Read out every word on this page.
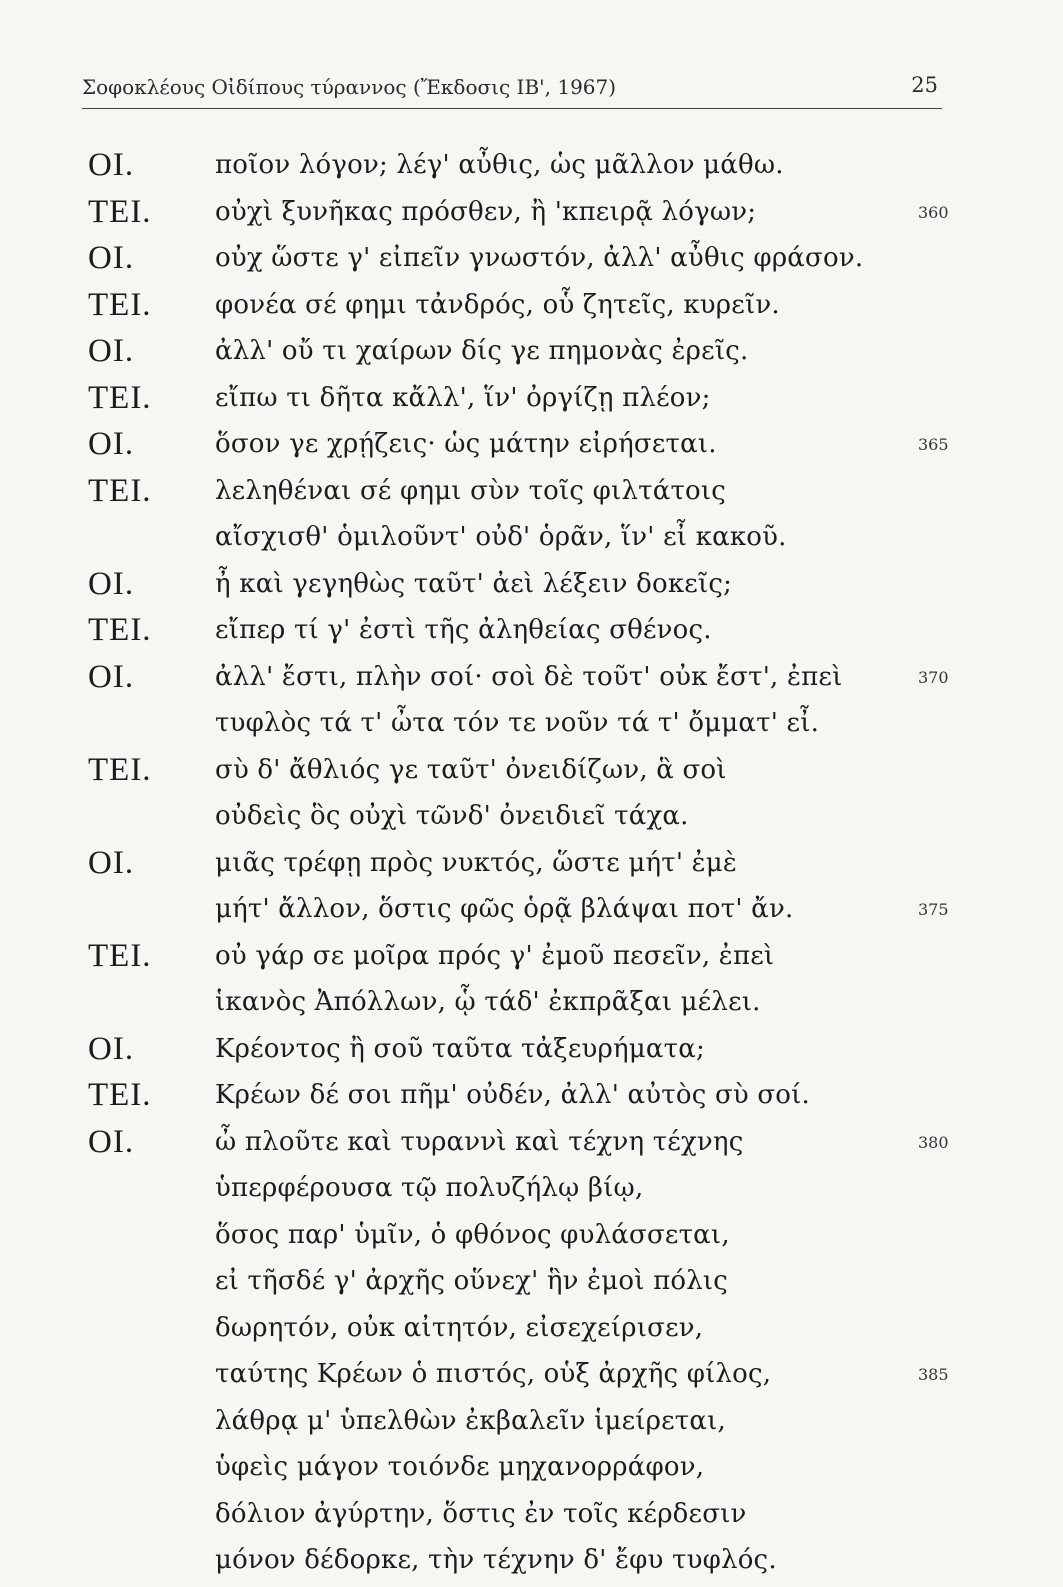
Σοφοκλέους Οἰδίπους τύραννος (Ἔκδοσις ΙΒ', 1967)	25
ΟΙ.	ποῖον λόγον; λέγ' αὖθις, ὡς μᾶλλον μάθω.
ΤΕΙ. οὐχὶ ξυνῆκας πρόσθεν, ἢ 'κπειρᾷ λόγων;	360
ΟΙ.	οὐχ ὥστε γ' εἰπεῖν γνωστόν, ἀλλ' αὖθις φράσον.
ΤΕΙ. φονέα σέ φημι τἀνδρός, οὗ ζητεῖς, κυρεῖν.
ΟΙ.	ἀλλ' οὔ τι χαίρων δίς γε πημονὰς ἐρεῖς.
ΤΕΙ. εἴπω τι δῆτα κἄλλ', ἵν' ὀργίζῃ πλέον;
ΟΙ.	ὅσον γε χρῄζεις· ὡς μάτην εἰρήσεται.	365
ΤΕΙ. λεληθέναι σέ φημι σὺν τοῖς φιλτάτοις
αἴσχισθ' ὁμιλοῦντ' οὐδ' ὁρᾶν, ἵν' εἶ κακοῦ.
ΟΙ.	ἦ καὶ γεγηθὼς ταῦτ' ἀεὶ λέξειν δοκεῖς;
ΤΕΙ. εἴπερ τί γ' ἐστὶ τῆς ἀληθείας σθένος.
ΟΙ.	ἀλλ' ἔστι, πλὴν σοί· σοὶ δὲ τοῦτ' οὐκ ἔστ', ἐπεὶ	370
τυφλὸς τά τ' ὦτα τόν τε νοῦν τά τ' ὄμματ' εἶ.
ΤΕΙ. σὺ δ' ἄθλιός γε ταῦτ' ὀνειδίζων, ἃ σοὶ
οὐδεὶς ὃς οὐχὶ τῶνδ' ὀνειδιεῖ τάχα.
ΟΙ.	μιᾶς τρέφῃ πρὸς νυκτός, ὥστε μήτ' ἐμὲ
μήτ' ἄλλον, ὅστις φῶς ὁρᾷ βλάψαι ποτ' ἄν.	375
ΤΕΙ. οὐ γάρ σε μοῖρα πρός γ' ἐμοῦ πεσεῖν, ἐπεὶ
ἱκανὸς Ἀπόλλων, ᾧ τάδ' ἐκπρᾶξαι μέλει.
ΟΙ.	Κρέοντος ἢ σοῦ ταῦτα τἀξευρήματα;
ΤΕΙ. Κρέων δέ σοι πῆμ' οὐδέν, ἀλλ' αὐτὸς σὺ σοί.
ΟΙ.	ὦ πλοῦτε καὶ τυραννὶ καὶ τέχνη τέχνης	380
ὑπερφέρουσα τῷ πολυζήλῳ βίῳ,
ὅσος παρ' ὑμῖν, ὁ φθόνος φυλάσσεται,
εἰ τῆσδέ γ' ἀρχῆς οὕνεχ' ἣν ἐμοὶ πόλις
δωρητόν, οὐκ αἰτητόν, εἰσεχείρισεν,
ταύτης Κρέων ὁ πιστός, οὑξ ἀρχῆς φίλος,	385
λάθρᾳ μ' ὑπελθὼν ἐκβαλεῖν ἱμείρεται,
ὑφεὶς μάγον τοιόνδε μηχανορράφον,
δόλιον ἀγύρτην, ὅστις ἐν τοῖς κέρδεσιν
μόνον δέδορκε, τὴν τέχνην δ' ἔφυ τυφλός.
